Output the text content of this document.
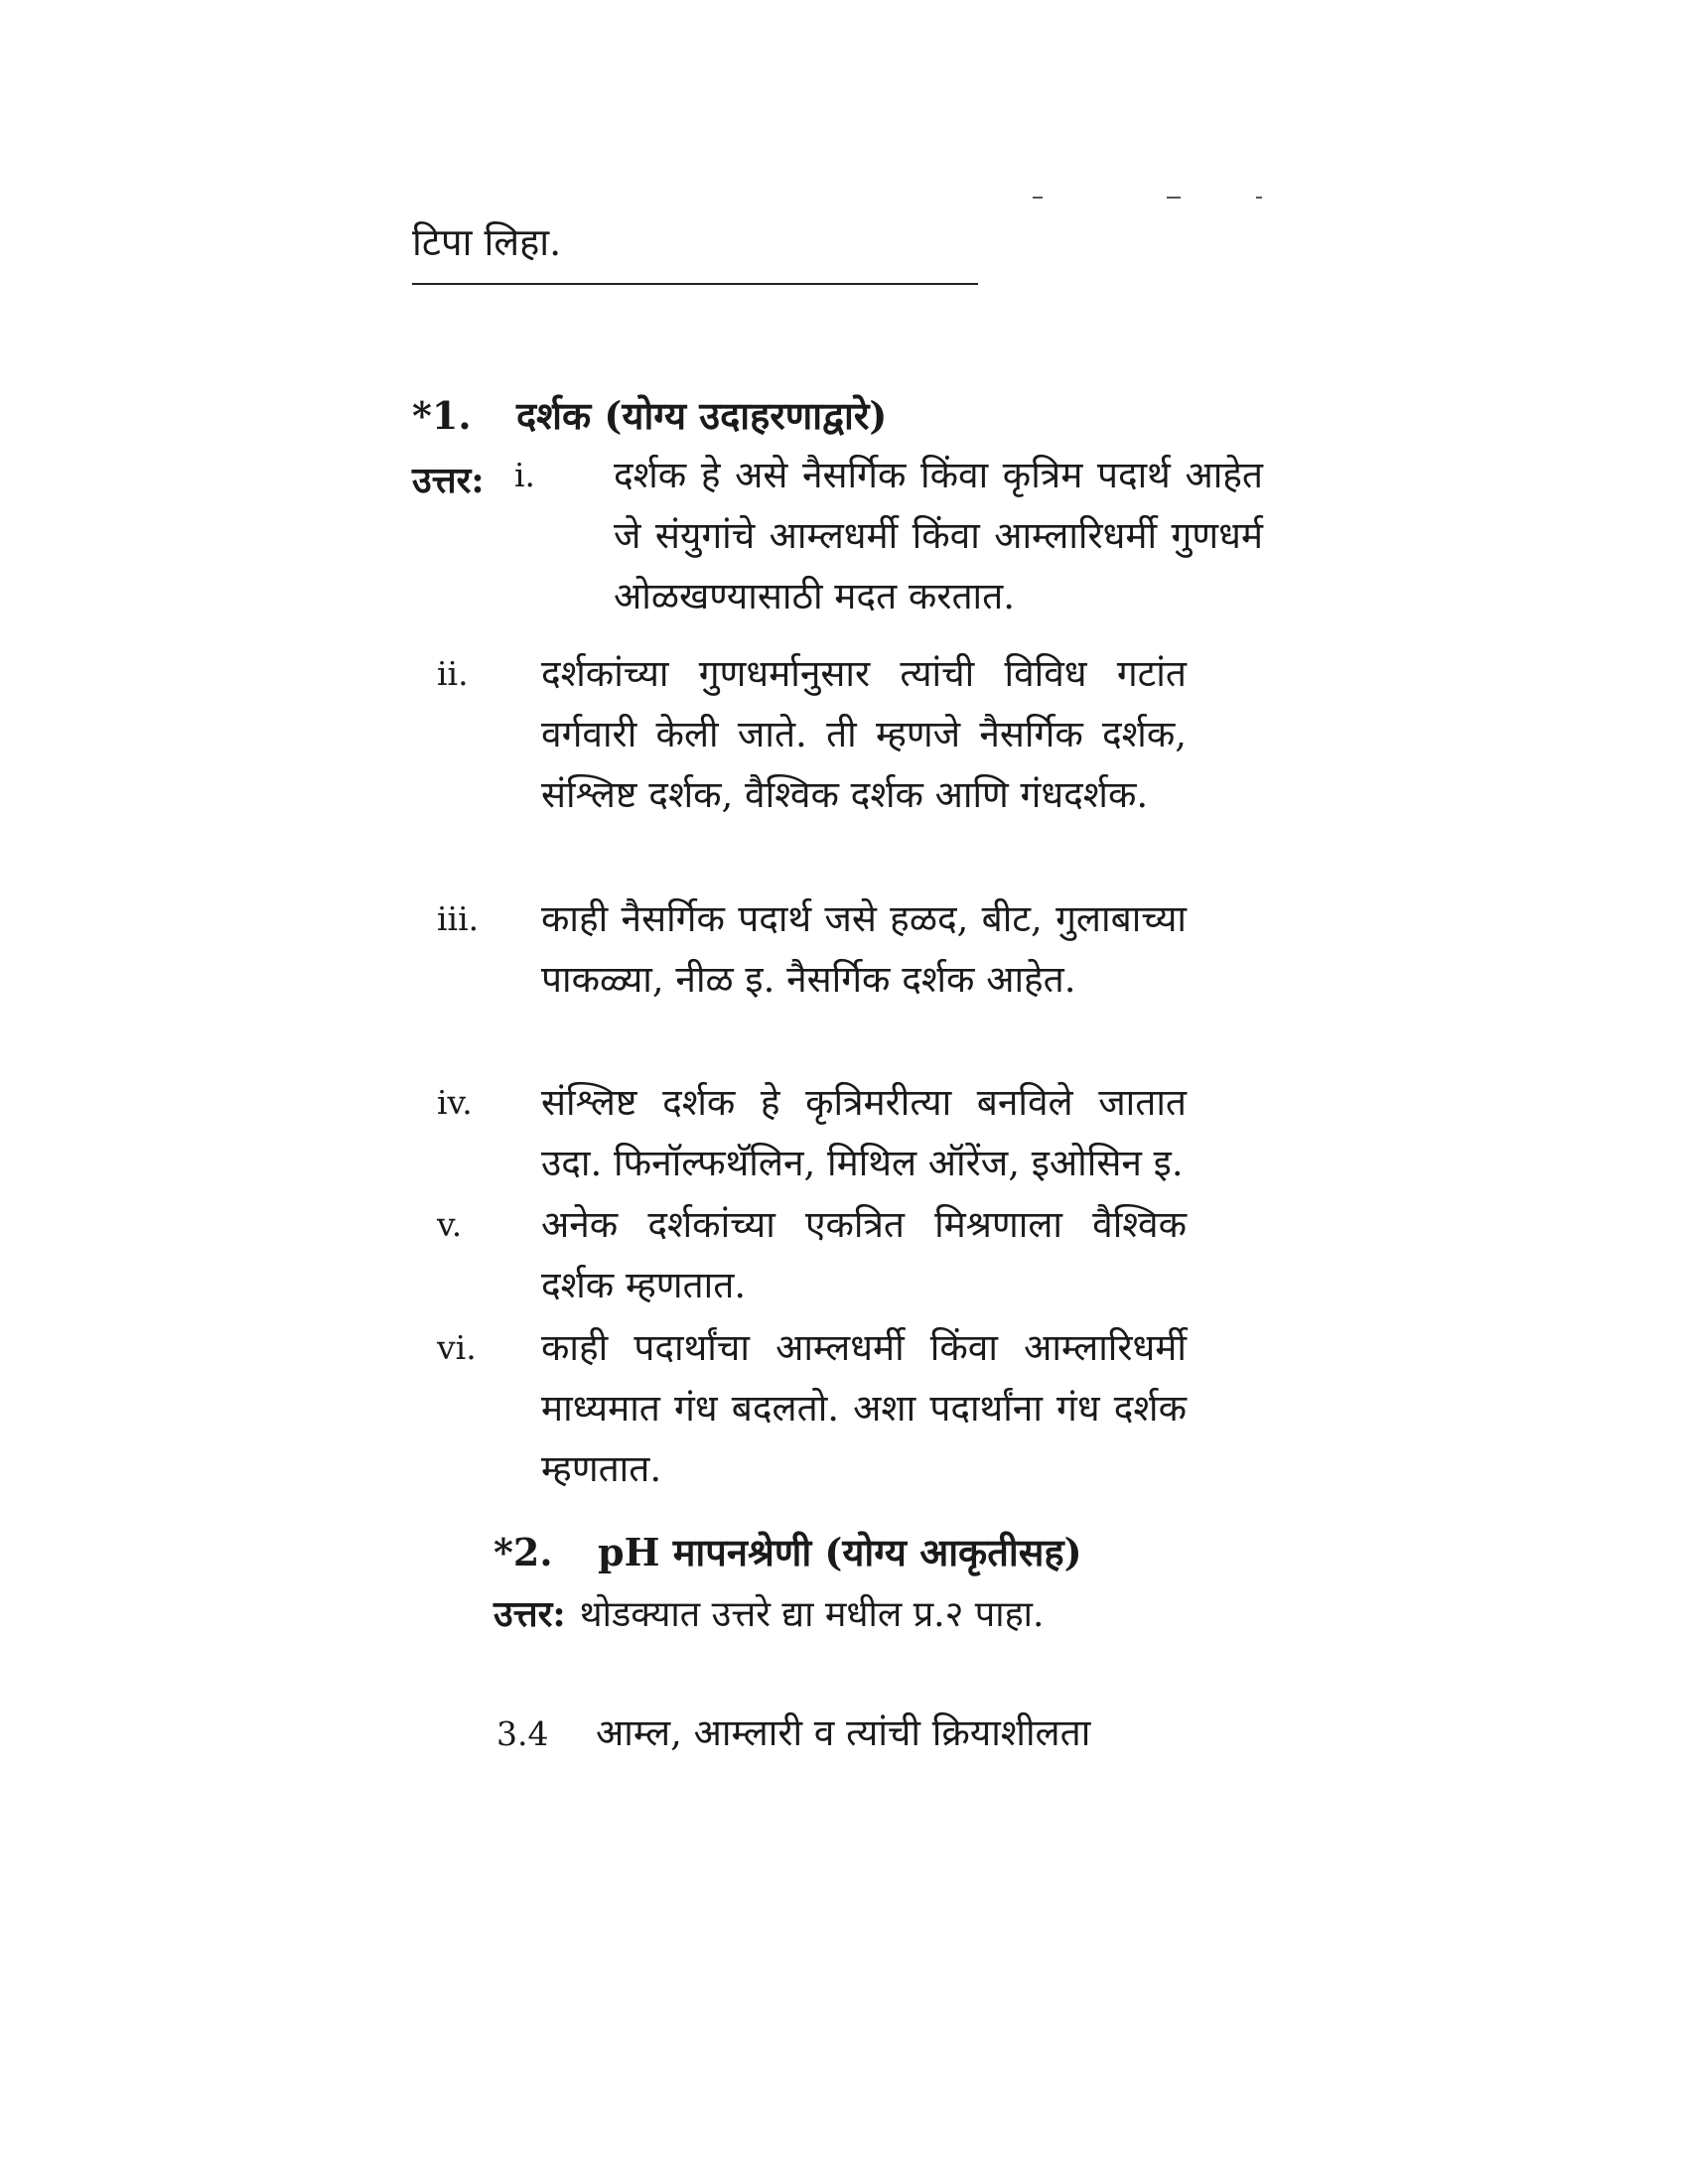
टिपा लिहा.
*1. दर्शक (योग्य उदाहरणाद्वारे)
उत्तर: i. दर्शक हे असे नैसर्गिक किंवा कृत्रिम पदार्थ आहेत जे संयुगांचे आम्लधर्मी किंवा आम्लारिधर्मी गुणधर्म ओळखण्यासाठी मदत करतात.
ii. दर्शकांच्या गुणधर्मानुसार त्यांची विविध गटांत वर्गवारी केली जाते. ती म्हणजे नैसर्गिक दर्शक, संश्लिष्ट दर्शक, वैश्विक दर्शक आणि गंधदर्शक.
iii. काही नैसर्गिक पदार्थ जसे हळद, बीट, गुलाबाच्या पाकळ्या, नीळ इ. नैसर्गिक दर्शक आहेत.
iv. संश्लिष्ट दर्शक हे कृत्रिमरीत्या बनविले जातात उदा. फिनॉल्फथॅलिन, मिथिल ऑरेंज, इओसिन इ.
v. अनेक दर्शकांच्या एकत्रित मिश्रणाला वैश्विक दर्शक म्हणतात.
vi. काही पदार्थांचा आम्लधर्मी किंवा आम्लारिधर्मी माध्यमात गंध बदलतो. अशा पदार्थांना गंध दर्शक म्हणतात.
*2. pH मापनश्रेणी (योग्य आकृतीसह)
उत्तर: थोडक्यात उत्तरे द्या मधील प्र.२ पाहा.
3.4 आम्ल, आम्लारी व त्यांची क्रियाशीलता
